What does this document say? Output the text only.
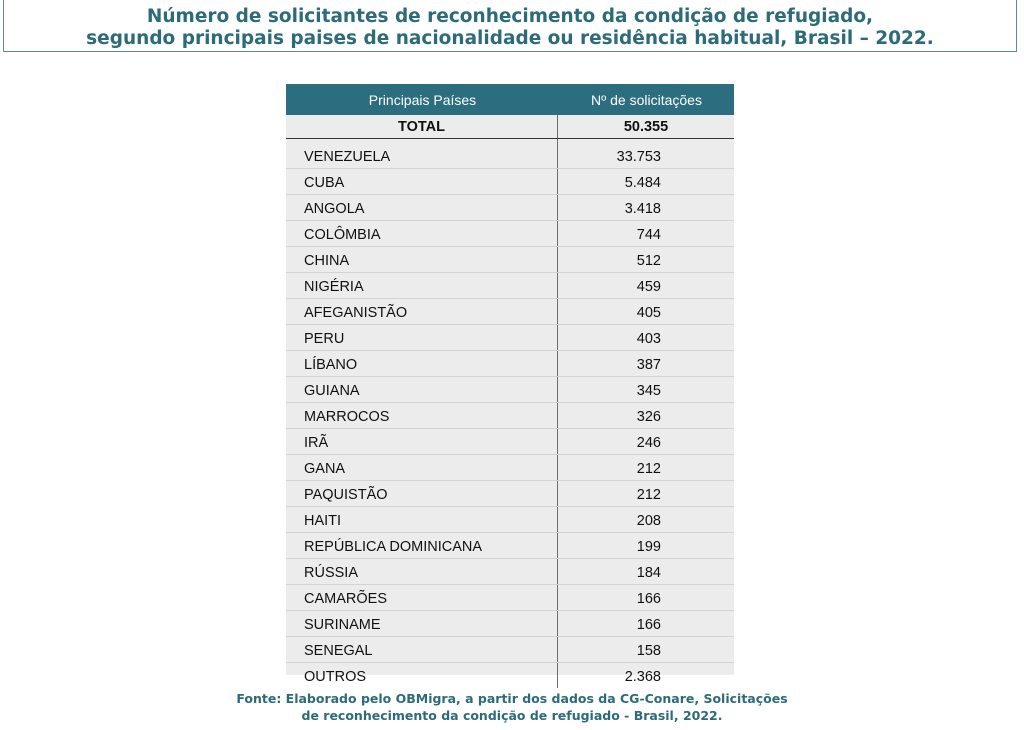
Número de solicitantes de reconhecimento da condição de refugiado,
segundo principais paises de nacionalidade ou residência habitual, Brasil – 2022.
Principais Países	Nº de solicitações
TOTAL	50.355
VENEZUELA	33.753
CUBA	5.484
ANGOLA	3.418
COLÔMBIA	744
CHINA	512
NIGÉRIA	459
AFEGANISTÃO	405
PERU	403
LÍBANO	387
GUIANA	345
MARROCOS	326
IRÃ	246
GANA	212
PAQUISTÃO	212
HAITI	208
REPÚBLICA DOMINICANA	199
RÚSSIA	184
CAMARÕES	166
SURINAME	166
SENEGAL	158
OUTROS	2.368
Fonte: Elaborado pelo OBMigra, a partir dos dados da CG-Conare, Solicitações
de reconhecimento da condição de refugiado - Brasil, 2022.
